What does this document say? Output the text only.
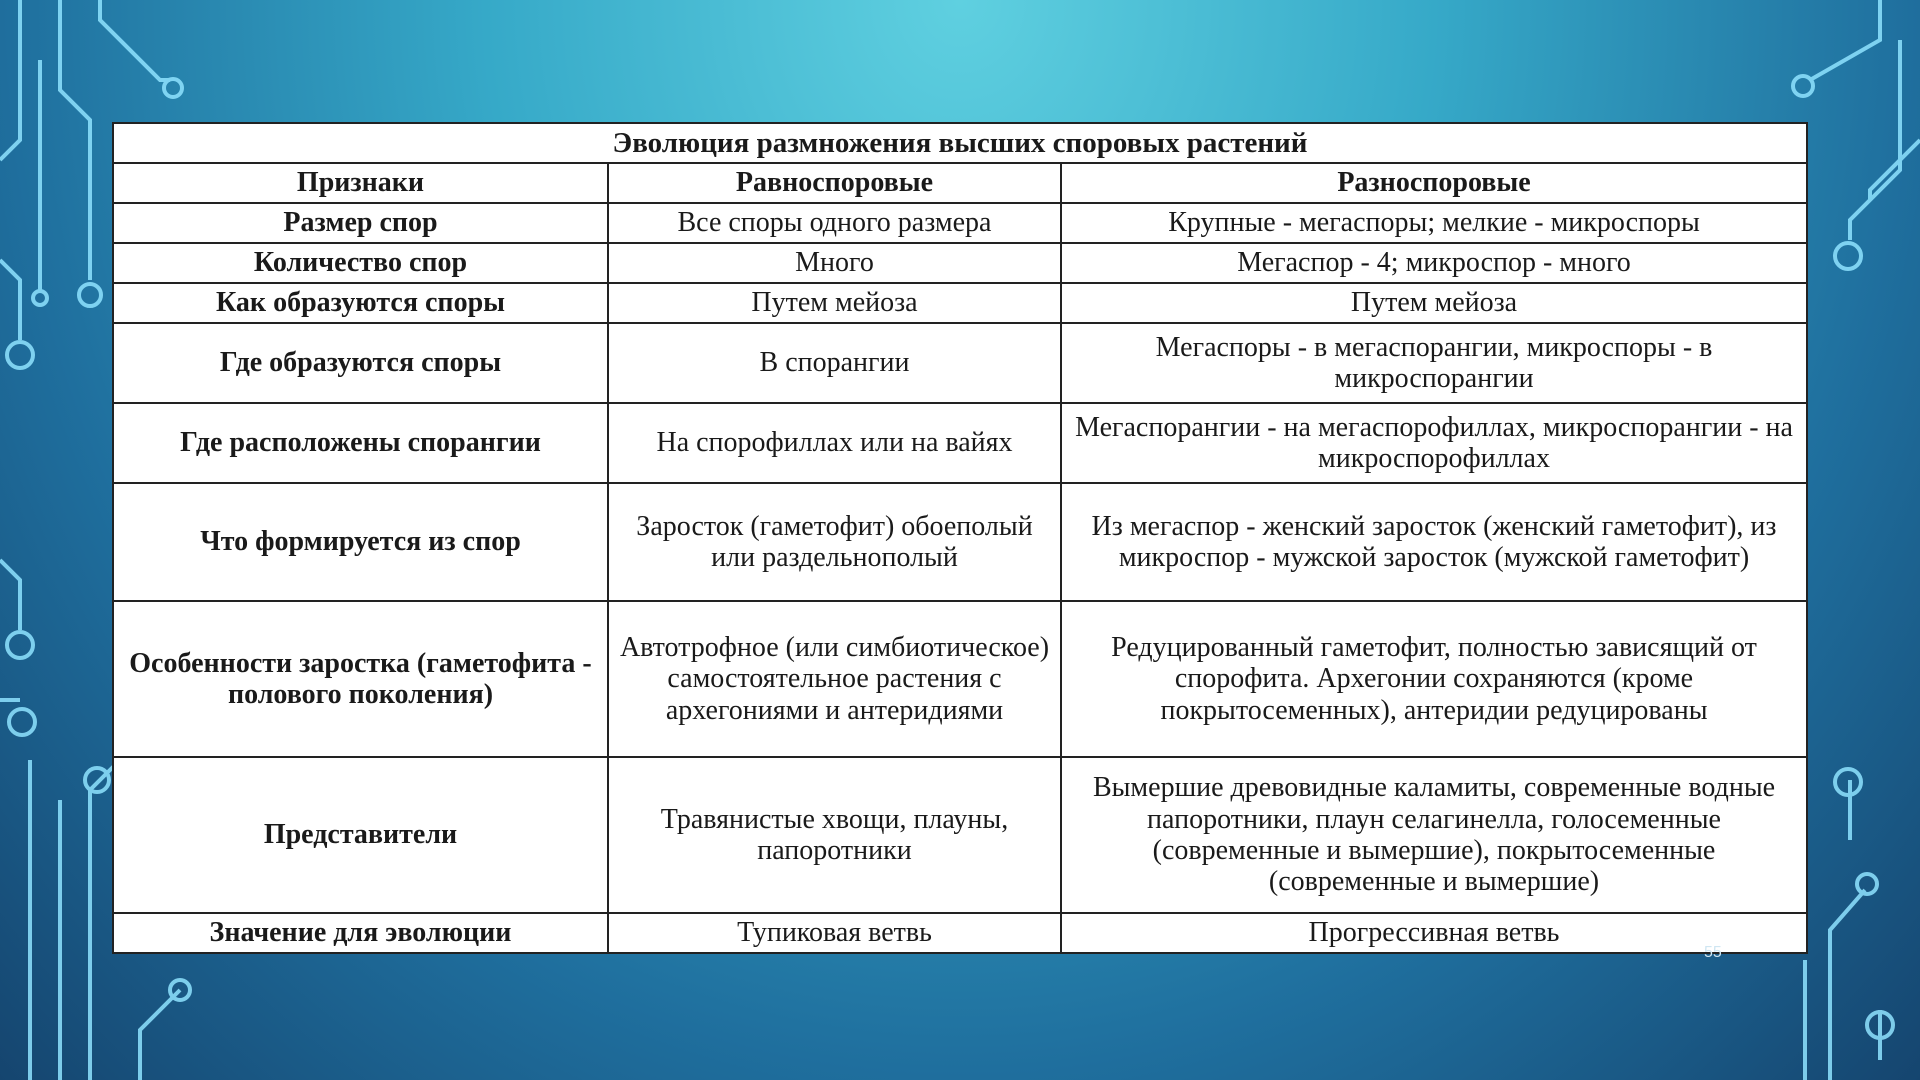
Эволюция размножения высших споровых растений		
Признаки	Равноспоровые	Разноспоровые
Размер спор	Все споры одного размера	Крупные - мегаспоры; мелкие - микроспоры
Количество спор	Много	Мегаспор - 4; микроспор - много
Как образуются споры	Путем мейоза	Путем мейоза
Где образуются споры	В спорангии	Мегаспоры - в мегаспорангии, микроспоры - в микроспорангии
Где расположены спорангии	На спорофиллах или на вайях	Мегаспорангии - на мегаспорофиллах, микроспорангии - на микроспорофиллах
Что формируется из спор	Заросток (гаметофит) обоеполый или раздельнополый	Из мегаспор - женский заросток (женский гаметофит), из микроспор - мужской заросток (мужской гаметофит)
Особенности заростка (гаметофита - полового поколения)	Автотрофное (или симбиотическое) самостоятельное растения с архегониями и антеридиями	Редуцированный гаметофит, полностью зависящий от спорофита. Архегонии сохраняются (кроме покрытосеменных), антеридии редуцированы
Представители	Травянистые хвощи, плауны, папоротники	Вымершие древовидные каламиты, современные водные папоротники, плаун селагинелла, голосеменные (современные и вымершие), покрытосеменные (современные и вымершие)
Значение для эволюции	Тупиковая ветвь	Прогрессивная ветвь
55
